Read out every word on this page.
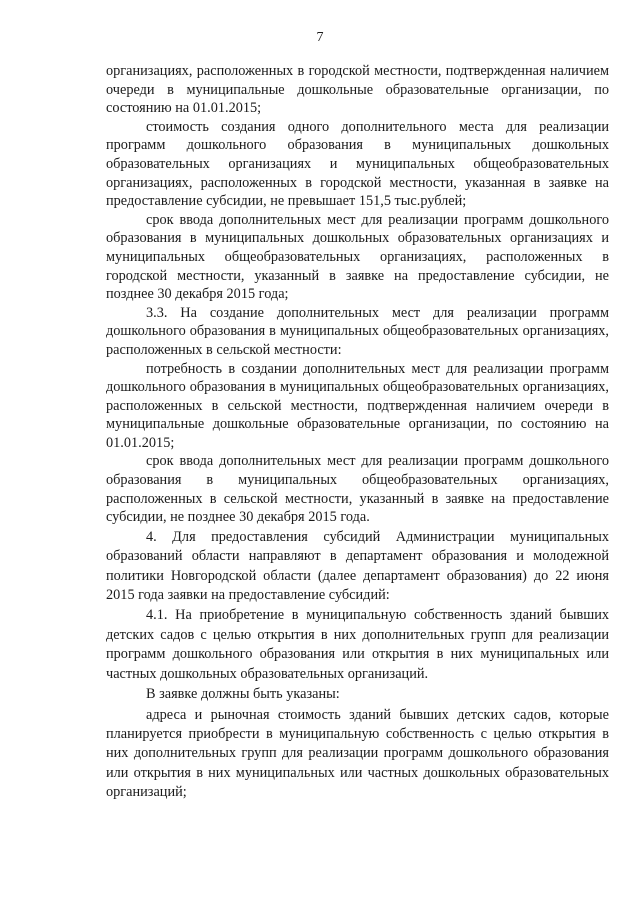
7

организациях, расположенных в городской местности, подтвержденная наличием очереди в муниципальные дошкольные образовательные организации, по состоянию на 01.01.2015;

стоимость создания одного дополнительного места для реализации программ дошкольного образования в муниципальных дошкольных образовательных организациях и муниципальных общеобразовательных организациях, расположенных в городской местности, указанная в заявке на предоставление субсидии, не превышает 151,5 тыс.рублей;

срок ввода дополнительных мест для реализации программ дошкольного образования в муниципальных дошкольных образовательных организациях и муниципальных общеобразовательных организациях, расположенных в городской местности, указанный в заявке на предоставление субсидии, не позднее 30 декабря 2015 года;

3.3. На создание дополнительных мест для реализации программ дошкольного образования в муниципальных общеобразовательных организациях, расположенных в сельской местности:

потребность в создании дополнительных мест для реализации программ дошкольного образования в муниципальных общеобразовательных организациях, расположенных в сельской местности, подтвержденная наличием очереди в муниципальные дошкольные образовательные организации, по состоянию на 01.01.2015;

срок ввода дополнительных мест для реализации программ дошкольного образования в муниципальных общеобразовательных организациях, расположенных в сельской местности, указанный в заявке на предоставление субсидии, не позднее 30 декабря 2015 года.

4. Для предоставления субсидий Администрации муниципальных образований области направляют в департамент образования и молодежной политики Новгородской области (далее департамент образования) до 22 июня 2015 года заявки на предоставление субсидий:

4.1. На приобретение в муниципальную собственность зданий бывших детских садов с целью открытия в них дополнительных групп для реализации программ дошкольного образования или открытия в них муниципальных или частных дошкольных образовательных организаций.

В заявке должны быть указаны:

адреса и рыночная стоимость зданий бывших детских садов, которые планируется приобрести в муниципальную собственность с целью открытия в них дополнительных групп для реализации программ дошкольного образования или открытия в них муниципальных или частных дошкольных образовательных организаций;
